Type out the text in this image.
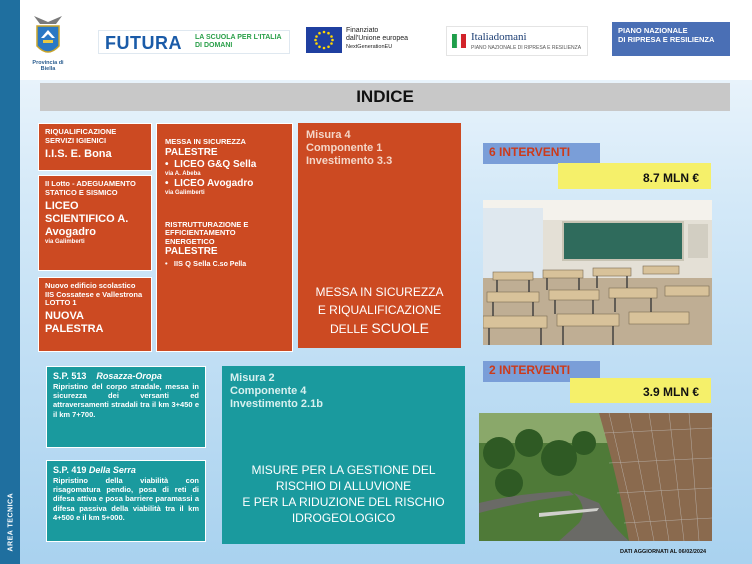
Provincia di Biella
FUTURA LA SCUOLA PER L'ITALIA DI DOMANI
Finanziato
dall'Unione europea
NextGenerationEU
Italiadomani
PIANO NAZIONALE DI RIPRESA E RESILIENZA
PIANO NAZIONALE
DI RIPRESA E RESILIENZA
AREA TECNICA
INDICE
RIQUALIFICAZIONE SERVIZI IGIENICI
I.I.S. E. Bona
II Lotto - ADEGUAMENTO STATICO E SISMICO
LICEO SCIENTIFICO A. Avogadro
via Galimberti
Nuovo edificio scolastico IIS Cossatese e Vallestrona LOTTO 1
NUOVA PALESTRA
MESSA IN SICUREZZA
PALESTRE
•  LICEO G&Q Sella
via A. Abeba
•  LICEO Avogadro
via Galimberti
RISTRUTTURAZIONE E EFFICIENTAMENTO ENERGETICO
PALESTRE
•   IIS Q Sella C.so Pella
Misura 4
Componente 1
Investimento 3.3
MESSA IN SICUREZZA
E RIQUALIFICAZIONE
DELLE SCUOLE
6 INTERVENTI
8.7 MLN €
S.P. 513 Rosazza-Oropa
Ripristino del corpo stradale, messa in sicurezza dei versanti ed attraversamenti stradali tra il km 3+450 e il km 7+700.
S.P. 419 Della Serra
Ripristino della viabilità con risagomatura pendio, posa di reti di difesa attiva e posa barriere paramassi a difesa passiva della viabilità tra il km 4+500 e il km 5+000.
Misura 2
Componente 4
Investimento 2.1b
MISURE PER LA GESTIONE DEL
RISCHIO DI ALLUVIONE
E PER LA RIDUZIONE DEL RISCHIO
IDROGEOLOGICO
2 INTERVENTI
3.9 MLN €
DATI AGGIORNATI AL 06/02/2024
